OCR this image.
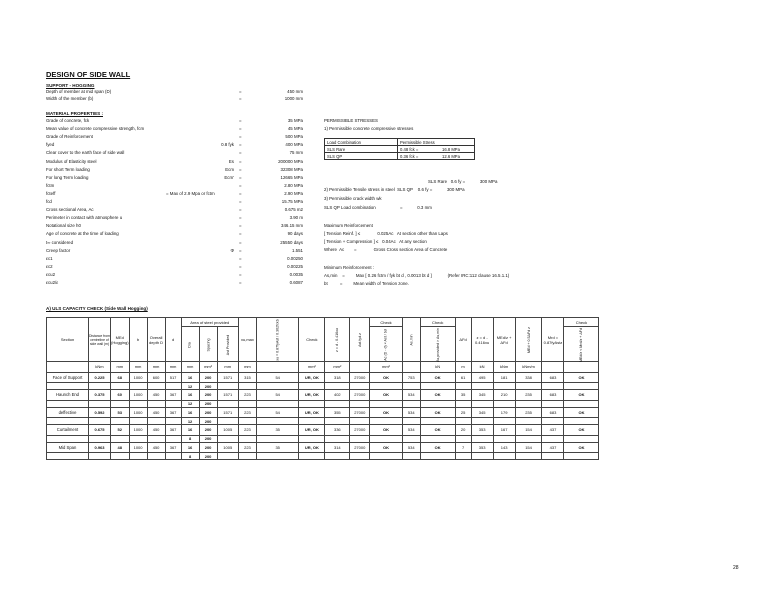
DESIGN OF SIDE WALL
SUPPORT - HOGGING
Depth of member at mid span (D)	=	450 mm
Width of the member (b)	=	1000 mm
MATERIAL PROPERTIES :
Grade of concrete, fck	=	35 MPa
Mean value of concrete compressive strength, fcm	=	45 MPa
Grade of Reinforcement	=	500 MPa
fyed	0.8 fyk =	400 MPa
Clear cover to the earth face of side wall	=	75 mm
Modulus of Elasticity steel	Es =	200000 MPa
For short Term loading	Ecm =	32308 MPa
For long Term loading	Ecm' =	12665 MPa
fctm	=	2.80 MPa
fcteff	= Max of 2.9 Mpa or fctm	=	2.90 MPa
fcd	=	15.75 MPa
Cross sectional Area, Ac	=	0.675 m2
Perimeter in contact with atmosphere u	=	3.90 m
Notational size h0	=	346.15 mm
Age of concrete at the time of loading	=	90 days
t∞ considered	=	25550 days
Creep factor	Φ =	1.551
εc1	=	0.00250
εc2	=	0.00225
εcu2	=	0.0035
εcu2/ε	=	0.6087
PERMISSIBLE STRESSES
1) Permissible concrete compressive stresses
Load Combination	Permissible Stress	
SLS Rare	0.48 fck =	16.8 MPa
SLS QP	0.36 fck =	12.6 MPa
SLS Rare   0.6 fy =            300 MPa
2) Permissible Tensile stress in steel  SLS QP    0.6 fy =            300 MPa
3) Permissible crack width wk
SLS QP Load combination                    =            0.3 mm
Maximum Reinforcement
[ Tension Reinf. ] ≤              0.025Ac   At section other than Laps
[ Tension + Compression ] ≤   0.04Ac   At any section
Where  Ac        =              Gross Cross section Area of Concrete
Minimum Reinforcement :
As,min    =         Max [ 0.26 fctm / fyk bt d , 0.0013 bt d ]             (Refer IRC:112 clause 16.5.1.1)
bt          =         Mean width of Tension zone.
A) ULS CAPACITY CHECK (Side Wall Hogging)
Section	Distance from centreline of side wall (m)	MEd (Hogging)	b	Overall depth D	d	Area of steel provided			xu,max	xu = 0.87fyAst / 0.362fckb	Check	z = d - 0.416xu	Ast.fyd.z	Check	As,min	Check	ΔFd	z = d - 0.416xu	MEd/z + ΔFd	MEd + 0.5ΔFd z	Mrd = 0.87fyAstz	Check
						Dia	Spacing	Ast Provided						Ac (D - d) × Ast / bd		As,provided > As,min						MEd/z < Mrd/z + ΔFd
	kNm	mm	mm	mm	mm	mm	mm²	mm	mm		mm²	mm²		mm²		kN	m	kN	kNm	kNm/m		
Face of Support	0.225	68	1000	600	517	16	200	1571	315	54	UR, OK	318	27000	OK	753	OK	61	495	181	338	683	OK
						12	200															
Haunch End	0.375	60	1000	450	367	16	200	1571	223	54	UR, OK	402	27000	OK	534	OK	35	345	210	235	683	OK
						12	200															
deffective	0.592	53	1000	450	367	16	200	1571	223	54	UR, OK	355	27000	OK	534	OK	25	345	179	235	683	OK
						12	200															
Curtailment	0.675	52	1000	450	367	16	200	1005	223	35	UR, OK	336	27000	OK	534	OK	20	353	167	154	437	OK
						8	200															
Mid Span	0.963	48	1000	450	367	16	200	1005	223	35	UR, OK	314	27000	OK	534	OK	7	353	143	154	437	OK
						8	200															
28
